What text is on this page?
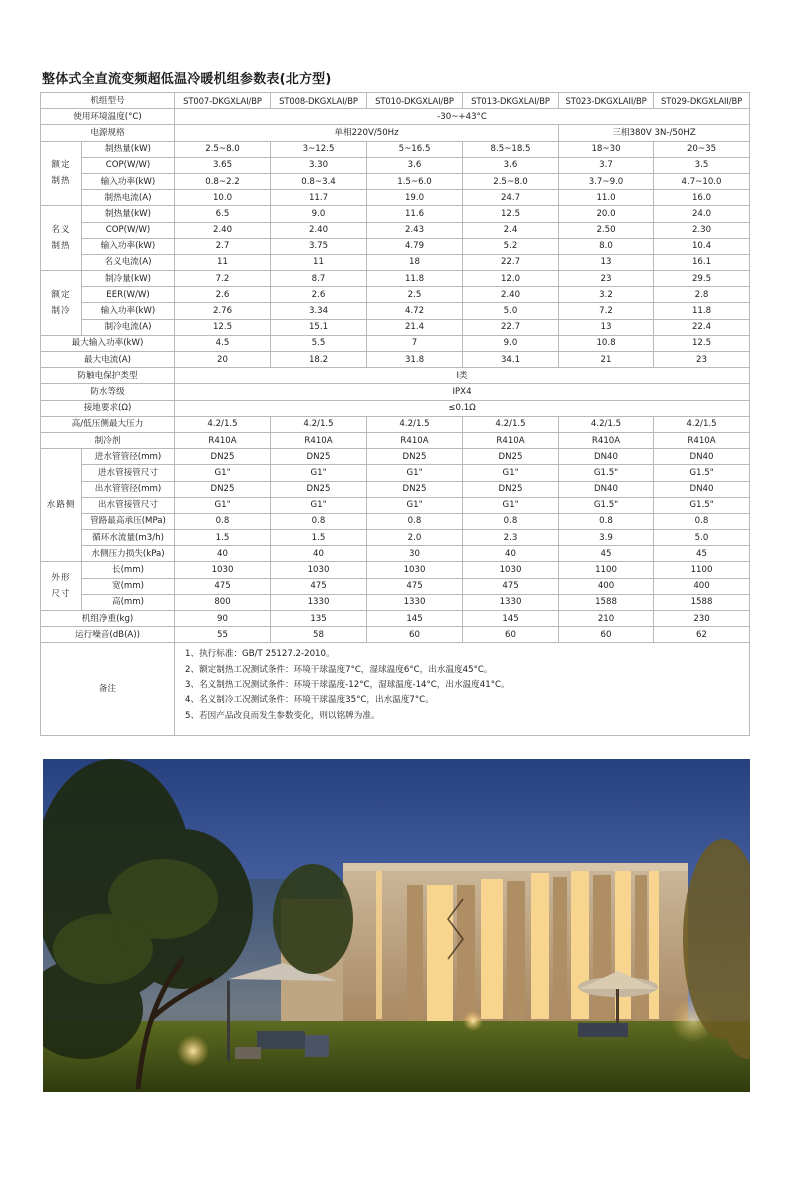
整体式全直流变频超低温冷暖机组参数表(北方型)
机组型号		ST007-DKGXLAI/BP	ST008-DKGXLAI/BP	ST010-DKGXLAI/BP	ST013-DKGXLAI/BP	ST023-DKGXLAII/BP	ST029-DKGXLAII/BP
使用环境温度(°C)		-30~+43°C					
电源规格		单相220V/50Hz				三相380V 3N-/50HZ	

额定
制热	制热量(kW)	2.5~8.0	3~12.5	5~16.5	8.5~18.5	18~30	20~35
	COP(W/W)	3.65	3.30	3.6	3.6	3.7	3.5
	输入功率(kW)	0.8~2.2	0.8~3.4	1.5~6.0	2.5~8.0	3.7~9.0	4.7~10.0
	制热电流(A)	10.0	11.7	19.0	24.7	11.0	16.0

名义
制热	制热量(kW)	6.5	9.0	11.6	12.5	20.0	24.0
	COP(W/W)	2.40	2.40	2.43	2.4	2.50	2.30
	输入功率(kW)	2.7	3.75	4.79	5.2	8.0	10.4
	名义电流(A)	11	11	18	22.7	13	16.1

额定
制冷	制冷量(kW)	7.2	8.7	11.8	12.0	23	29.5
	EER(W/W)	2.6	2.6	2.5	2.40	3.2	2.8
	输入功率(kW)	2.76	3.34	4.72	5.0	7.2	11.8
	制冷电流(A)	12.5	15.1	21.4	22.7	13	22.4
最大输入功率(kW)		4.5	5.5	7	9.0	10.8	12.5
最大电流(A)		20	18.2	31.8	34.1	21	23
防触电保护类型		I类					
防水等级		IPX4					
接地要求(Ω)		≤0.1Ω					
高/低压侧最大压力		4.2/1.5	4.2/1.5	4.2/1.5	4.2/1.5	4.2/1.5	4.2/1.5
制冷剂		R410A	R410A	R410A	R410A	R410A	R410A

水路侧	进水管管径(mm)	DN25	DN25	DN25	DN25	DN40	DN40
	进水管接管尺寸	G1"	G1"	G1"	G1"	G1.5"	G1.5"
	出水管管径(mm)	DN25	DN25	DN25	DN25	DN40	DN40
	出水管接管尺寸	G1"	G1"	G1"	G1"	G1.5"	G1.5"
	管路最高承压(MPa)	0.8	0.8	0.8	0.8	0.8	0.8
	循环水流量(m3/h)	1.5	1.5	2.0	2.3	3.9	5.0
	水侧压力损失(kPa)	40	40	30	40	45	45

外形
尺寸	长(mm)	1030	1030	1030	1030	1100	1100
	宽(mm)	475	475	475	475	400	400
	高(mm)	800	1330	1330	1330	1588	1588
机组净重(kg)		90	135	145	145	210	230
运行噪音(dB(A))		55	58	60	60	60	62
备注		1、执行标准：GB/T 25127.2-2010。
2、额定制热工况测试条件：环境干球温度7°C，湿球温度6°C，出水温度45°C。
3、名义制热工况测试条件：环境干球温度-12°C，湿球温度-14°C，出水温度41°C。
4、名义制冷工况测试条件：环境干球温度35°C，出水温度7°C。
5、若因产品改良而发生参数变化，则以铭牌为准。					
